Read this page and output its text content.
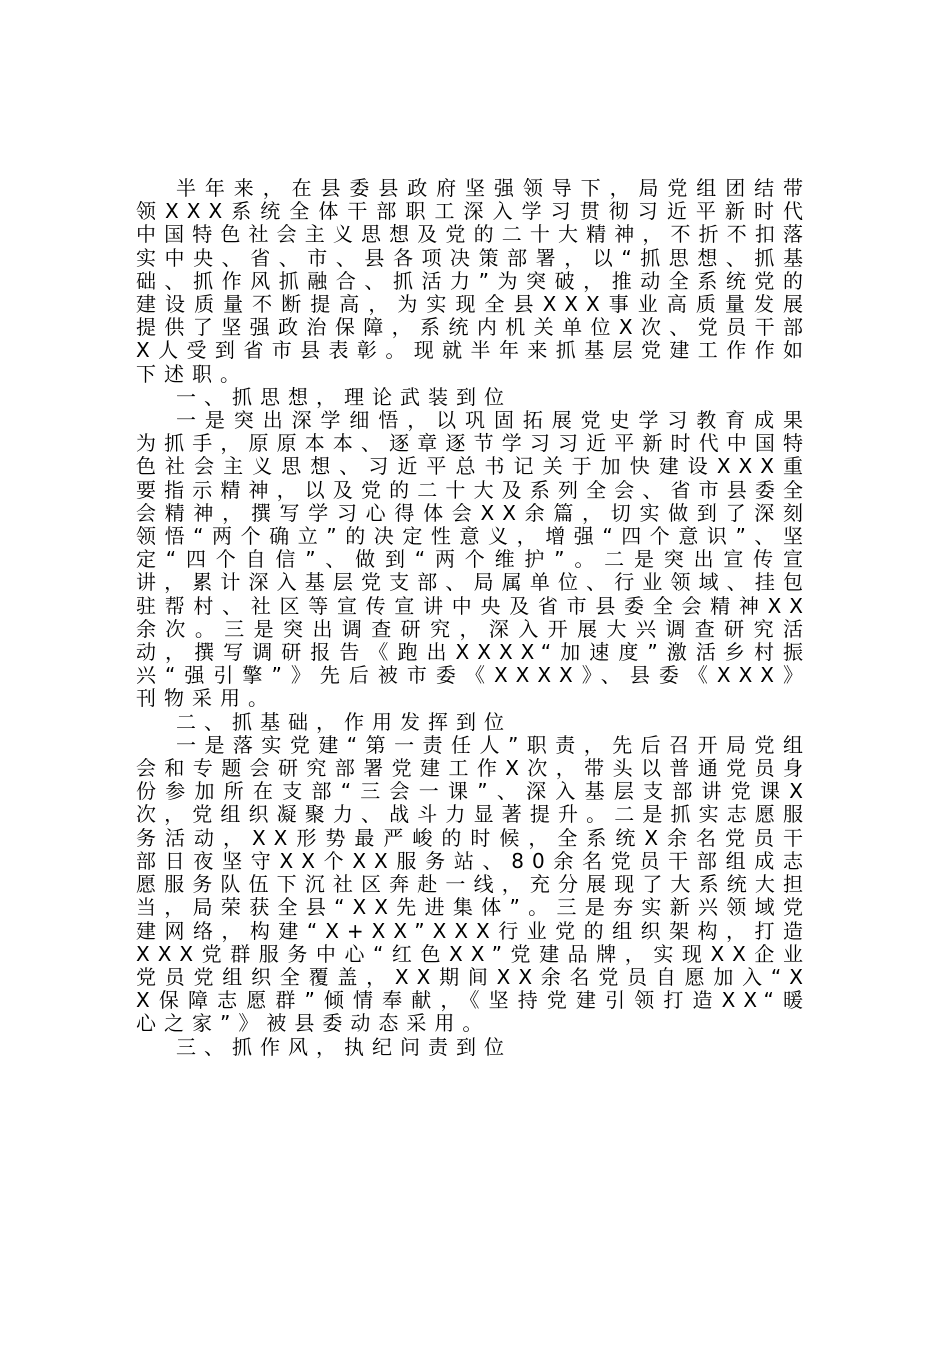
半年来，在县委县政府坚强领导下，局党组团结带领XXX系统全体干部职工深入学习贯彻习近平新时代中国特色社会主义思想及党的二十大精神，不折不扣落实中央、省、市、县各项决策部署，以“抓思想、抓基础、抓作风抓融合、抓活力”为突破，推动全系统党的建设质量不断提高，为实现全县XXX事业高质量发展提供了坚强政治保障，系统内机关单位X次、党员干部X人受到省市县表彰。现就半年来抓基层党建工作作如下述职。

一、抓思想，理论武装到位

一是突出深学细悟，以巩固拓展党史学习教育成果为抓手，原原本本、逐章逐节学习习近平新时代中国特色社会主义思想、习近平总书记关于加快建设XXX重要指示精神，以及党的二十大及系列全会、省市县委全会精神，撰写学习心得体会XX余篇，切实做到了深刻领悟“两个确立”的决定性意义，增强“四个意识”、坚定“四个自信”、做到“两个维护”。二是突出宣传宣讲，累计深入基层党支部、局属单位、行业领域、挂包驻帮村、社区等宣传宣讲中央及省市县委全会精神XX余次。三是突出调查研究，深入开展大兴调查研究活动，撰写调研报告《跑出XXXX“加速度”激活乡村振兴“强引擎”》先后被市委《XXXX》、县委《XXX》刊物采用。

二、抓基础，作用发挥到位

一是落实党建“第一责任人”职责，先后召开局党组会和专题会研究部署党建工作X次，带头以普通党员身份参加所在支部“三会一课”、深入基层支部讲党课X次，党组织凝聚力、战斗力显著提升。二是抓实志愿服务活动，XX形势最严峻的时候，全系统X余名党员干部日夜坚守XX个XX服务站、80余名党员干部组成志愿服务队伍下沉社区奔赴一线，充分展现了大系统大担当，局荣获全县“XX先进集体”。三是夯实新兴领域党建网络，构建“X+XX”XXX行业党的组织架构，打造XXX党群服务中心“红色XX”党建品牌，实现XX企业党员党组织全覆盖，XX期间XX余名党员自愿加入“XX保障志愿群”倾情奉献，《坚持党建引领打造XX“暖心之家”》被县委动态采用。

三、抓作风，执纪问责到位
